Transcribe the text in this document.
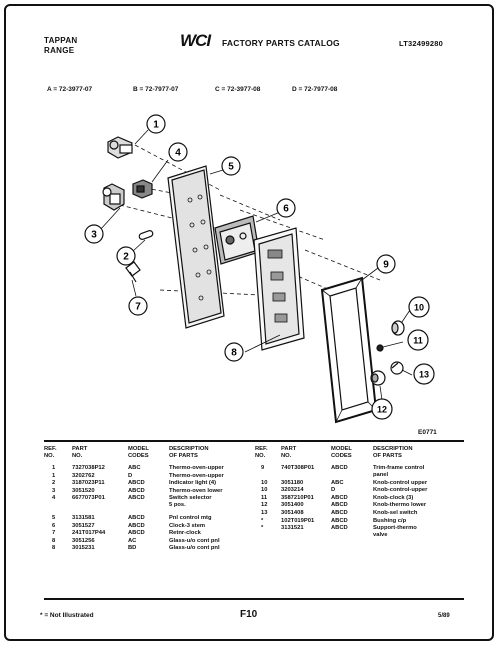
TAPPAN
RANGE
WCI FACTORY PARTS CATALOG	LT32499280
A = 72-3977-07	B = 72-7977-07	C = 72-3977-08	D = 72-7977-08
1
4
5
6
3
2
7
9
8
10
11
13
12
E0771
REF.
NO.
PART
NO.
MODEL
CODES
DESCRIPTION
OF PARTS
1	7327038P12	ABC	Thermo-oven-upper
1	3202762	D	Thermo-oven-upper
2	3187023P11	ABCD	Indicator light (4)
3	3051520	ABCD	Thermo-oven lower
4	6677073P01	ABCD	Switch selector
5 pos.
5	3131581	ABCD	Pnl control mtg
6	3051527	ABCD	Clock-3 stem
7	241T017P44	ABCD	Retnr-clock
8	3051256	AC	Glass-u/o cont pnl
8	3015231	BD	Glass-u/o cont pnl
REF.
NO.
PART
NO.
MODEL
CODES
DESCRIPTION
OF PARTS
9	740T308P01	ABCD	Trim-frame control
panel
10 3051180	ABC	Knob-control upper
10 3203214	D	Knob-control-upper
11 3587210P01	ABCD	Knob-clock (3)
12 3051400	ABCD	Knob-thermo lower
13 3051408	ABCD	Knob-sel switch
*	102T019P01	ABCD	Bushing c/p
*	3131521	ABCD	Support-thermo
valve
* = Not Illustrated	F10	5/89
